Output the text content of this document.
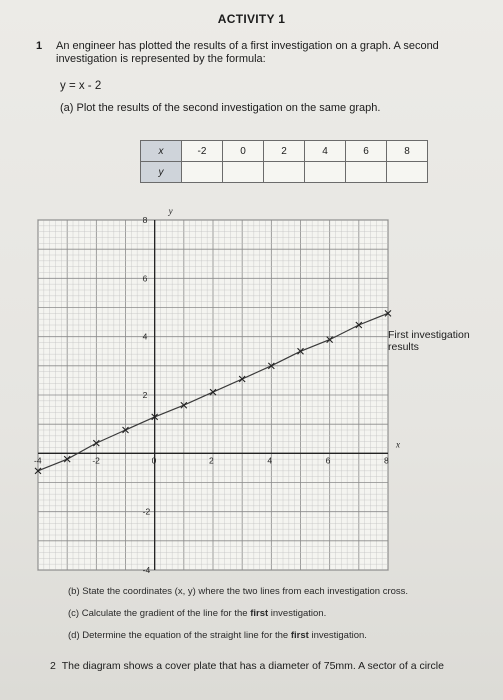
ACTIVITY 1
1 An engineer has plotted the results of a first investigation on a graph. A second investigation is represented by the formula:
y = x - 2
(a) Plot the results of the second investigation on the same graph.
x	-2	0	2	4	6	8
y						
x
y
-4	-2	0	2	4	6	8
8
6
4
2
-2
-4
First investigation results
(b) State the coordinates (x, y) where the two lines from each investigation cross.
(c) Calculate the gradient of the line for the first investigation.
(d) Determine the equation of the straight line for the first investigation.
2 The diagram shows a cover plate that has a diameter of 75mm. A sector of a circle
